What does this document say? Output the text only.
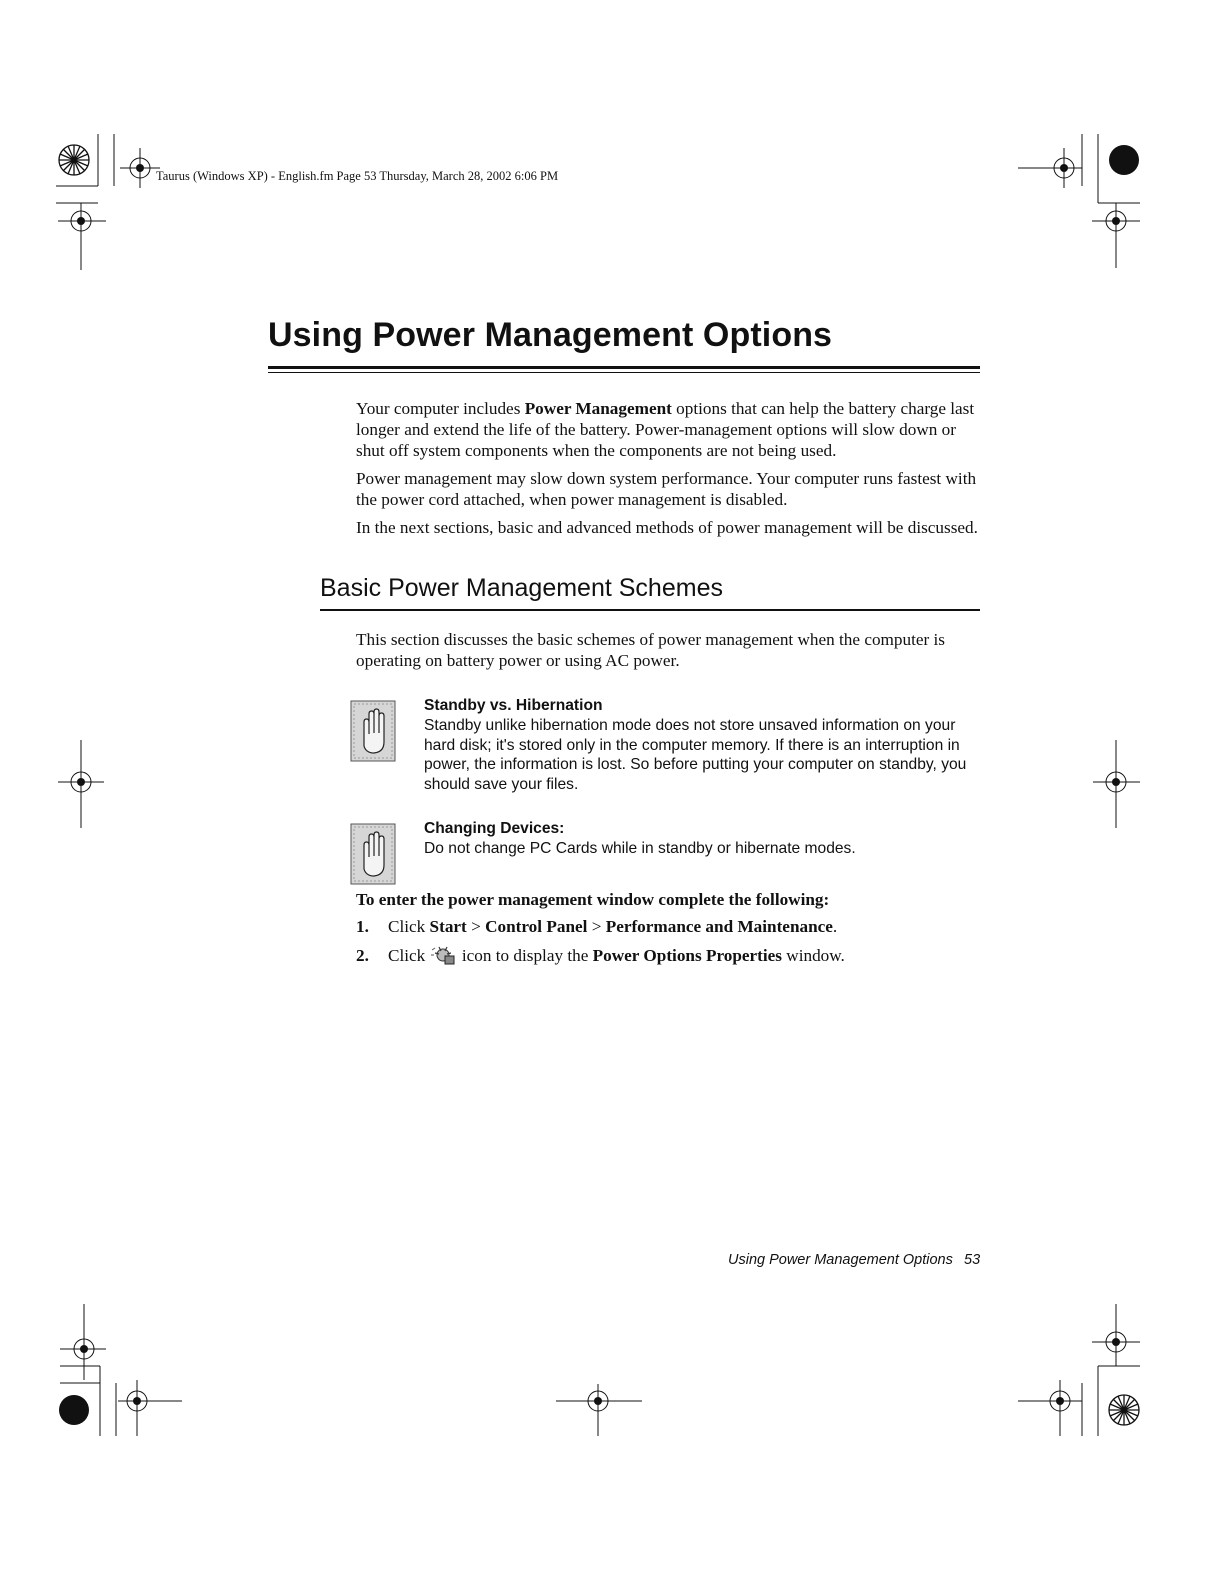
Taurus (Windows XP) - English.fm Page 53 Thursday, March 28, 2002 6:06 PM
Using Power Management Options

Your computer includes Power Management options that can help the battery charge last longer and extend the life of the battery. Power-management options will slow down or shut off system components when the components are not being used.

Power management may slow down system performance. Your computer runs fastest with the power cord attached, when power management is disabled.

In the next sections, basic and advanced methods of power management will be discussed.

Basic Power Management Schemes

This section discusses the basic schemes of power management when the computer is operating on battery power or using AC power.

Standby vs. Hibernation
Standby unlike hibernation mode does not store unsaved information on your hard disk; it's stored only in the computer memory. If there is an interruption in power, the information is lost. So before putting your computer on standby, you should save your files.
Changing Devices:
Do not change PC Cards while in standby or hibernate modes.

To enter the power management window complete the following:

1. Click Start > Control Panel > Performance and Maintenance.
2. Click  icon to display the Power Options Properties window.
Using Power Management Options 53
